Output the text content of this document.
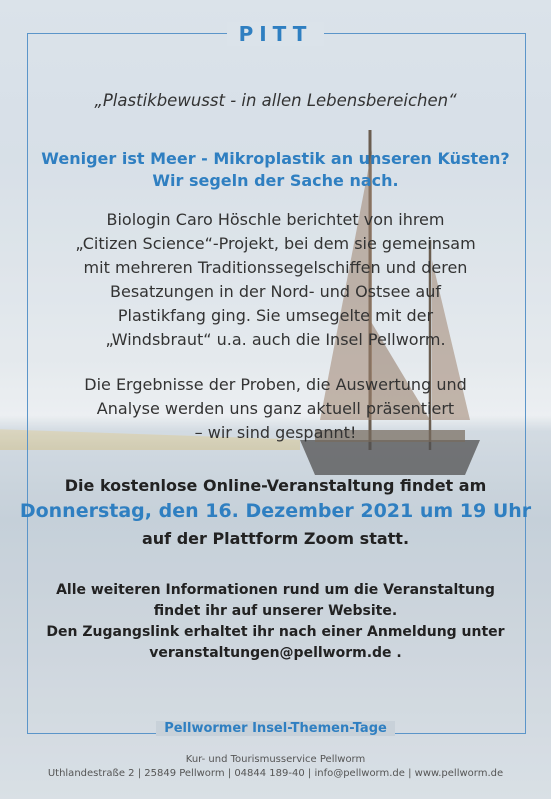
PITT
„Plastikbewusst - in allen Lebensbereichen“
Weniger ist Meer - Mikroplastik an unseren Küsten?
Wir segeln der Sache nach.
Biologin Caro Höschle berichtet von ihrem
„Citizen Science“-Projekt, bei dem sie gemeinsam
mit mehreren Traditionssegelschiffen und deren
Besatzungen in der Nord- und Ostsee auf
Plastikfang ging. Sie umsegelte mit der
„Windsbraut“ u.a. auch die Insel Pellworm.
Die Ergebnisse der Proben, die Auswertung und
Analyse werden uns ganz aktuell präsentiert
– wir sind gespannt!
Die kostenlose Online-Veranstaltung findet am
Donnerstag, den 16. Dezember 2021 um 19 Uhr
auf der Plattform Zoom statt.
Alle weiteren Informationen rund um die Veranstaltung
findet ihr auf unserer Website.
Den Zugangslink erhaltet ihr nach einer Anmeldung unter
veranstaltungen@pellworm.de .
Pellwormer Insel-Themen-Tage
Kur- und Tourismusservice Pellworm
Uthlandestraße 2 | 25849 Pellworm | 04844 189-40 | info@pellworm.de | www.pellworm.de
